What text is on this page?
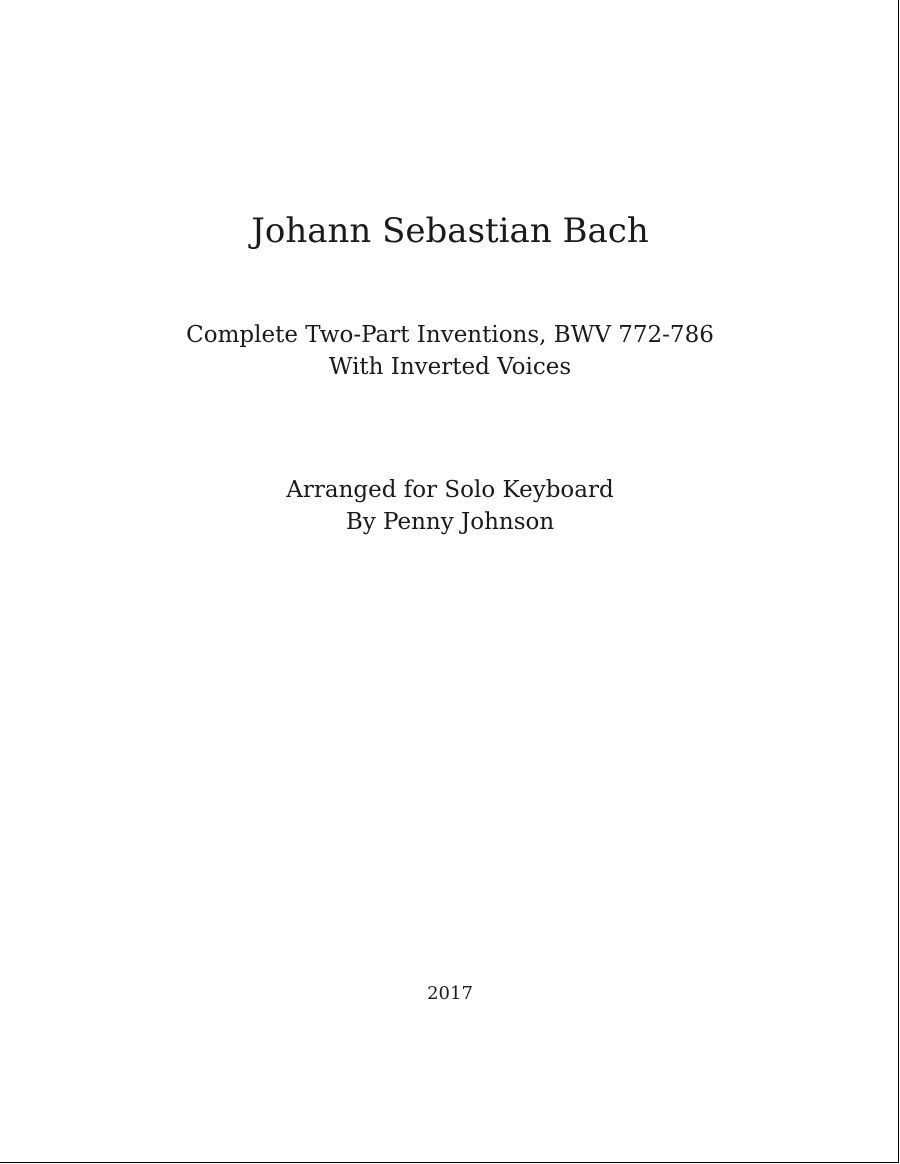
Johann Sebastian Bach
Complete Two-Part Inventions, BWV 772-786
With Inverted Voices
Arranged for Solo Keyboard
By Penny Johnson
2017
